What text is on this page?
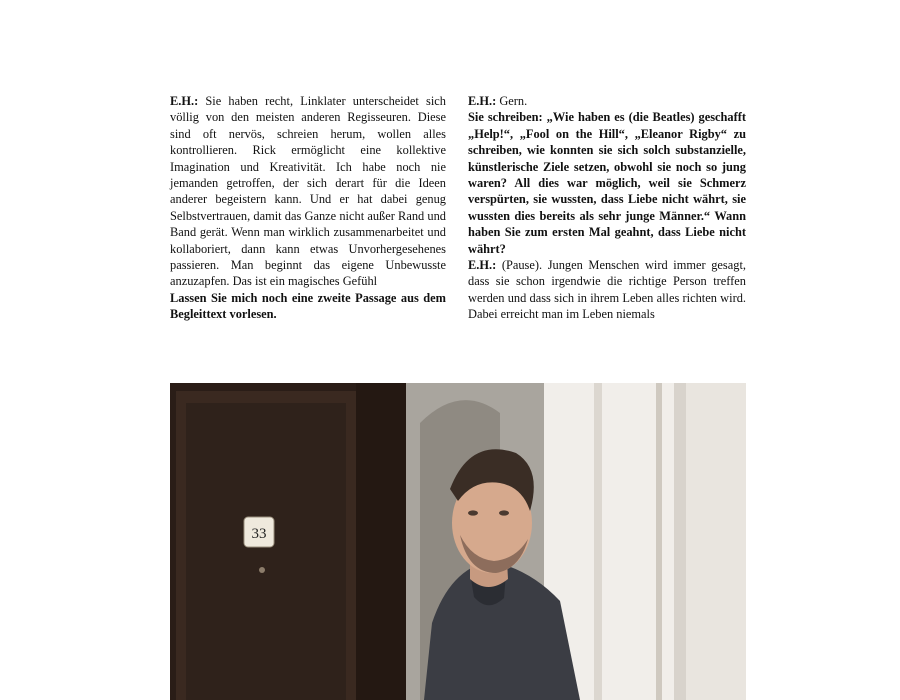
E.H.: Sie haben recht, Linklater unterscheidet sich völlig von den meisten anderen Regisseuren. Diese sind oft nervös, schreien herum, wollen alles kontrollieren. Rick ermöglicht eine kollektive Imagination und Kreativität. Ich habe noch nie jemanden getroffen, der sich derart für die Ideen anderer begeistern kann. Und er hat dabei genug Selbstvertrauen, damit das Ganze nicht außer Rand und Band gerät. Wenn man wirklich zusammenarbeitet und kollaboriert, dann kann etwas Unvorhergesehenes passieren. Man beginnt das eigene Unbewusste anzuzapfen. Das ist ein magisches Gefühl

Lassen Sie mich noch eine zweite Passage aus dem Begleittext vorlesen.

E.H.: Gern.

Sie schreiben: „Wie haben es (die Beatles) geschafft „Help!“, „Fool on the Hill“, „Eleanor Rigby“ zu schreiben, wie konnten sie sich solch substanzielle, künstlerische Ziele setzen, obwohl sie noch so jung waren? All dies war möglich, weil sie Schmerz verspürten, sie wussten, dass Liebe nicht währt, sie wussten dies bereits als sehr junge Männer.“ Wann haben Sie zum ersten Mal geahnt, dass Liebe nicht währt?

E.H.: (Pause). Jungen Menschen wird immer gesagt, dass sie schon irgendwie die richtige Person treffen werden und dass sich in ihrem Leben alles richten wird. Dabei erreicht man im Leben niemals

33
